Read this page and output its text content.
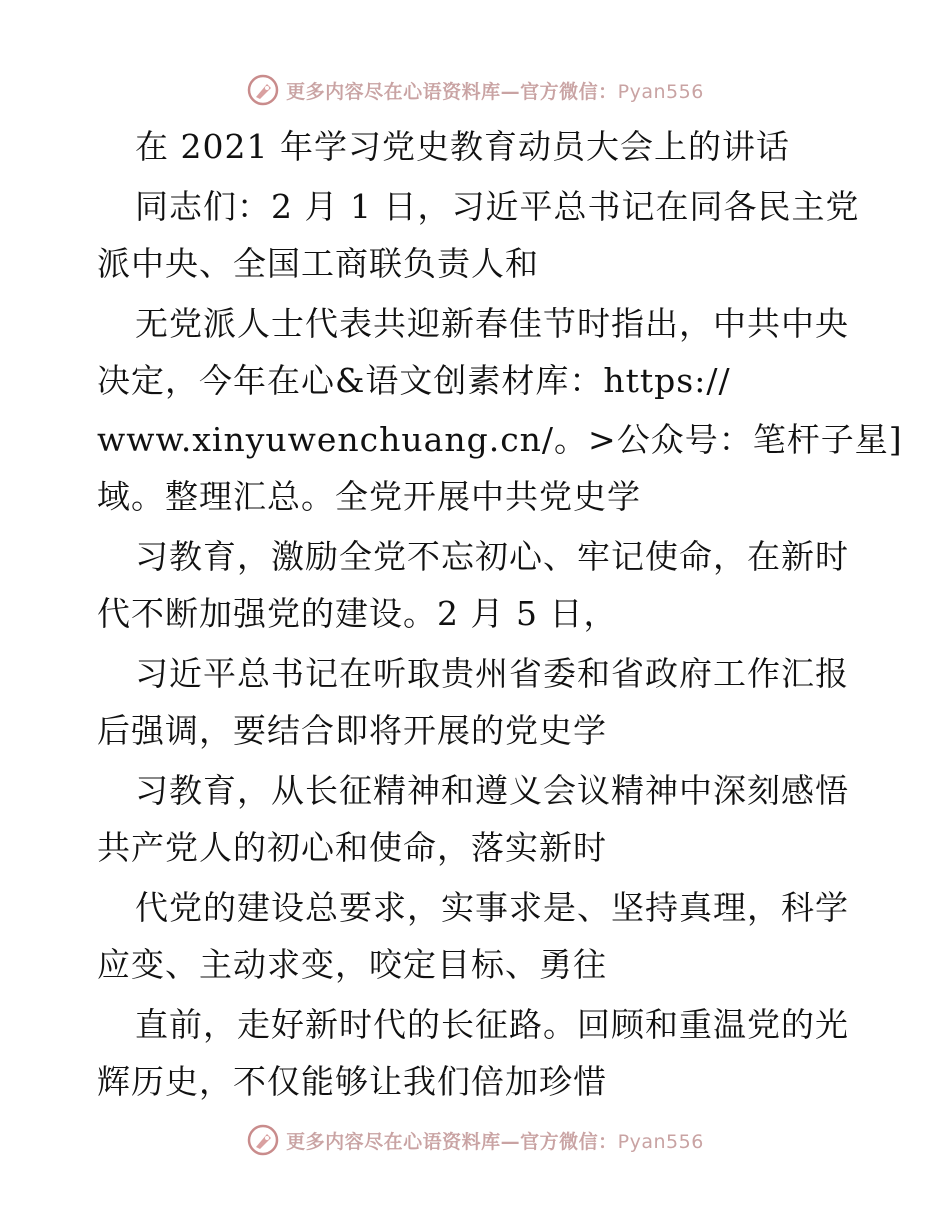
更多内容尽在心语资料库—官方微信：Pyan556
在 2021 年学习党史教育动员大会上的讲话
同志们：2 月 1 日，习近平总书记在同各民主党
派中央、全国工商联负责人和
无党派人士代表共迎新春佳节时指出，中共中央
决定，今年在心&语文创素材库：https://
www.xinyuwenchuang.cn/。>公众号：笔杆子星]
域。整理汇总。全党开展中共党史学
习教育，激励全党不忘初心、牢记使命，在新时
代不断加强党的建设。2 月 5 日，
习近平总书记在听取贵州省委和省政府工作汇报
后强调，要结合即将开展的党史学
习教育，从长征精神和遵义会议精神中深刻感悟
共产党人的初心和使命，落实新时
代党的建设总要求，实事求是、坚持真理，科学
应变、主动求变，咬定目标、勇往
直前，走好新时代的长征路。回顾和重温党的光
辉历史，不仅能够让我们倍加珍惜
更多内容尽在心语资料库—官方微信：Pyan556
